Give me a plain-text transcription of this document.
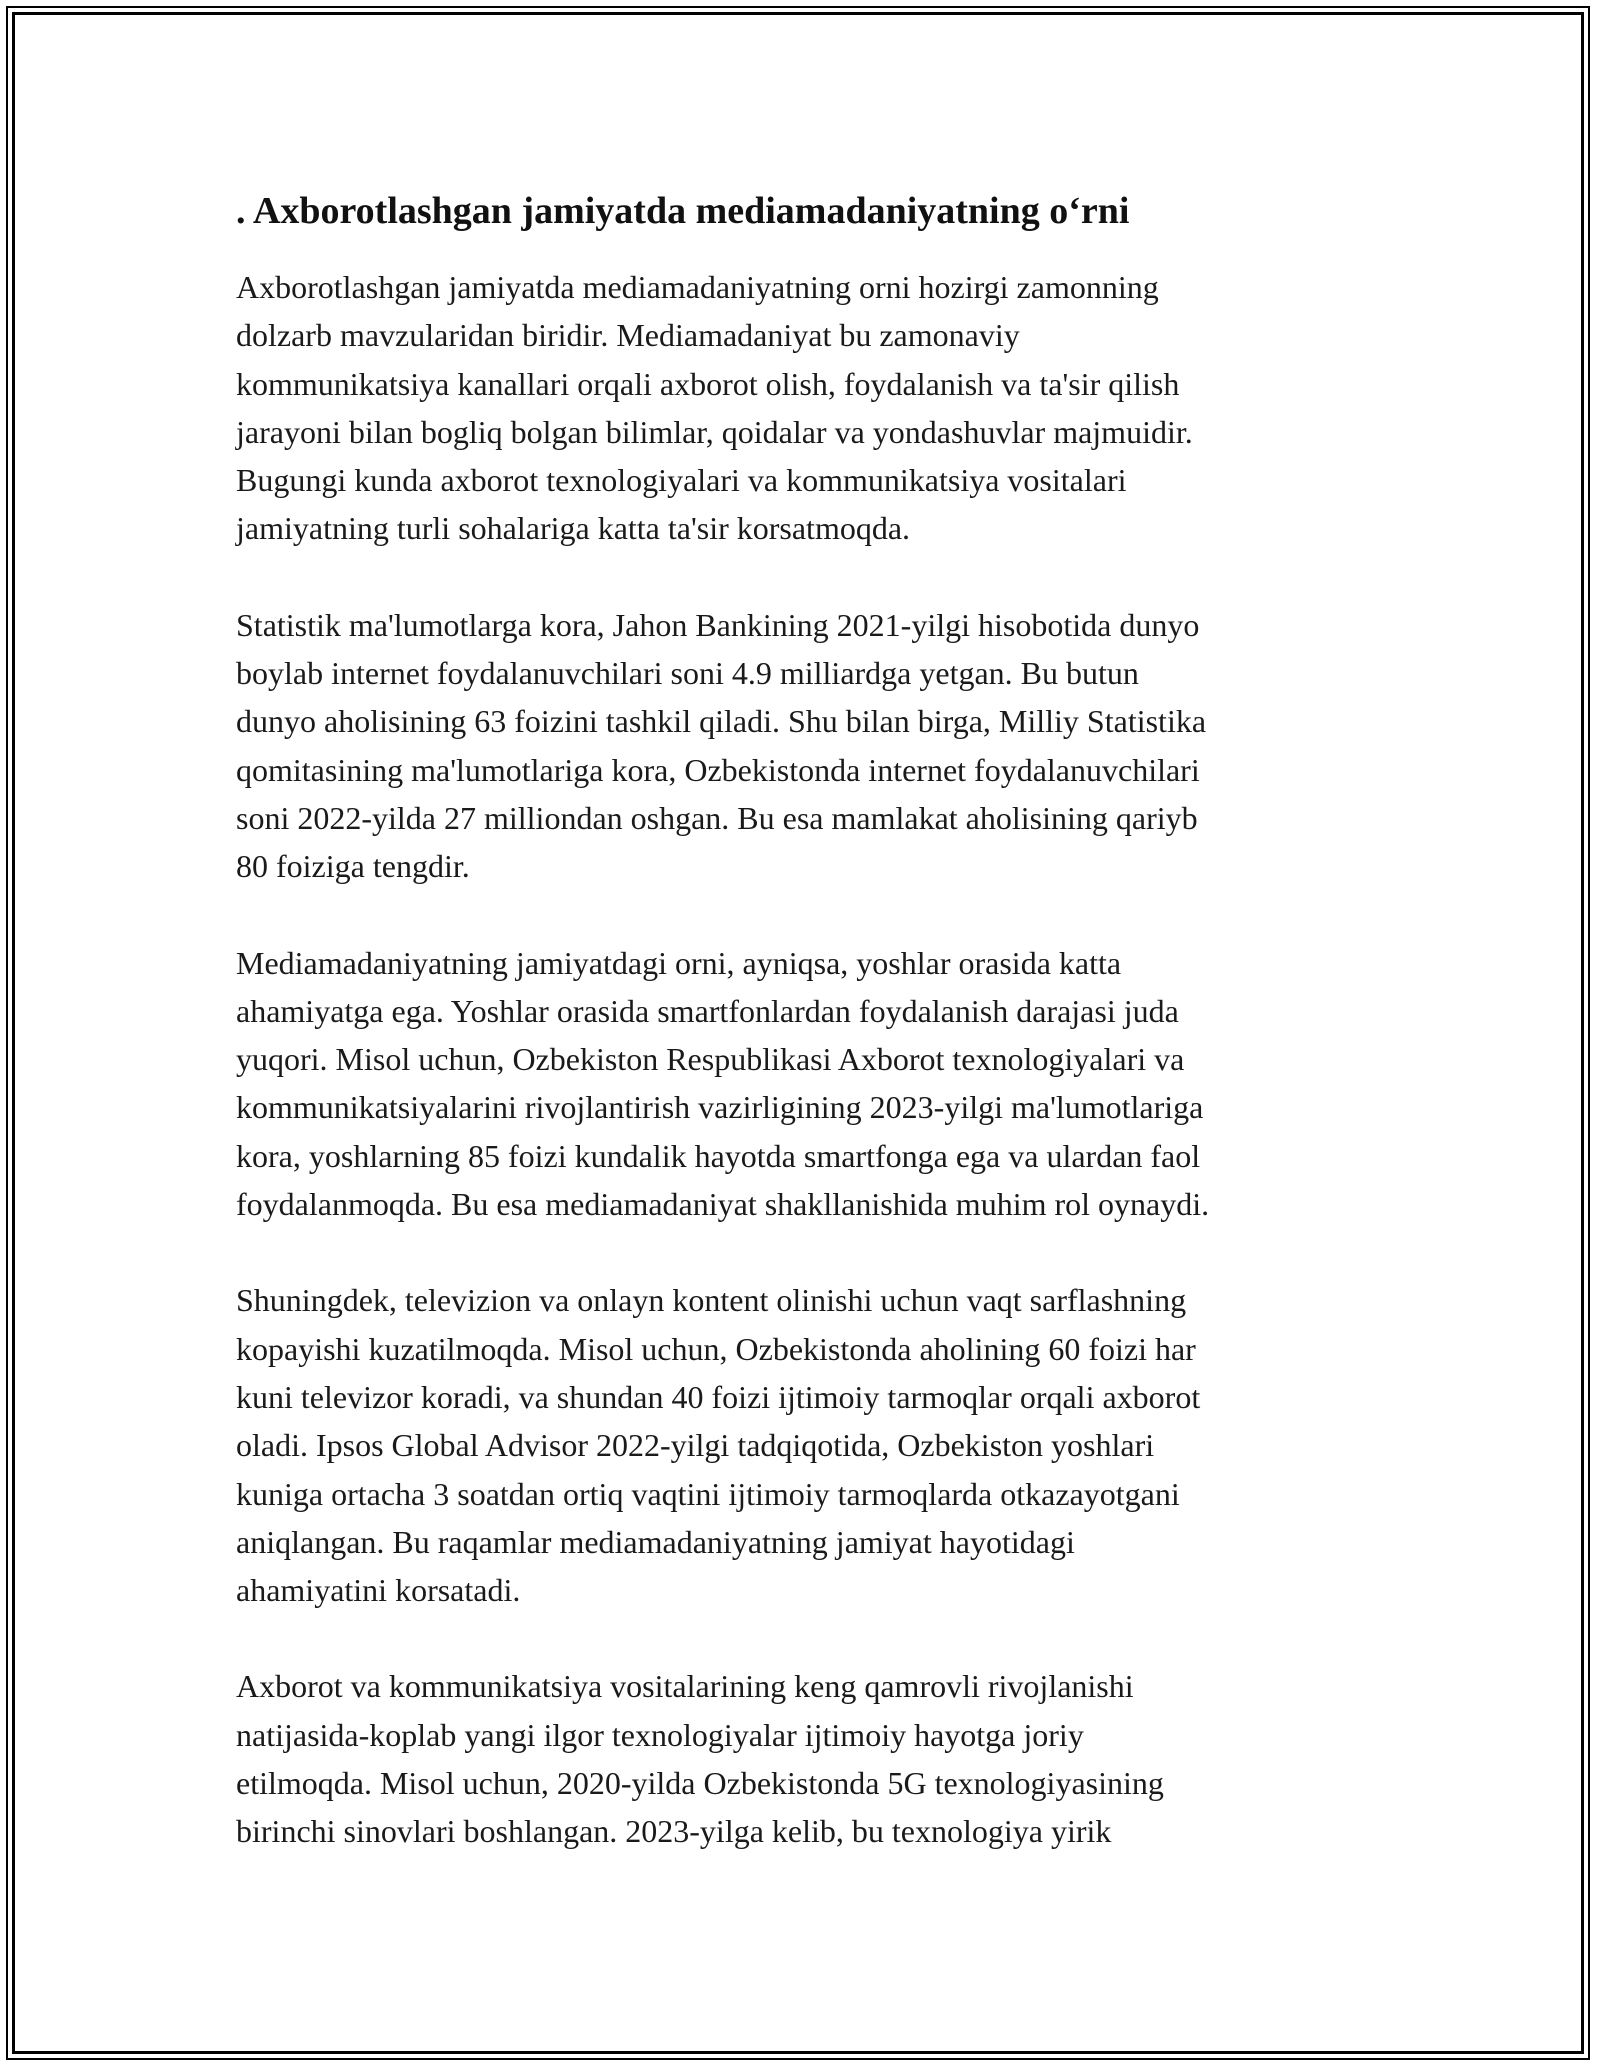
. Axborotlashgan jamiyatda mediamadaniyatning o‘rni

Axborotlashgan jamiyatda mediamadaniyatning orni hozirgi zamonning
dolzarb mavzularidan biridir. Mediamadaniyat bu zamonaviy
kommunikatsiya kanallari orqali axborot olish, foydalanish va ta'sir qilish
jarayoni bilan bogliq bolgan bilimlar, qoidalar va yondashuvlar majmuidir.
Bugungi kunda axborot texnologiyalari va kommunikatsiya vositalari
jamiyatning turli sohalariga katta ta'sir korsatmoqda.

Statistik ma'lumotlarga kora, Jahon Bankining 2021-yilgi hisobotida dunyo
boylab internet foydalanuvchilari soni 4.9 milliardga yetgan. Bu butun
dunyo aholisining 63 foizini tashkil qiladi. Shu bilan birga, Milliy Statistika
qomitasining ma'lumotlariga kora, Ozbekistonda internet foydalanuvchilari
soni 2022-yilda 27 milliondan oshgan. Bu esa mamlakat aholisining qariyb
80 foiziga tengdir.

Mediamadaniyatning jamiyatdagi orni, ayniqsa, yoshlar orasida katta
ahamiyatga ega. Yoshlar orasida smartfonlardan foydalanish darajasi juda
yuqori. Misol uchun, Ozbekiston Respublikasi Axborot texnologiyalari va
kommunikatsiyalarini rivojlantirish vazirligining 2023-yilgi ma'lumotlariga
kora, yoshlarning 85 foizi kundalik hayotda smartfonga ega va ulardan faol
foydalanmoqda. Bu esa mediamadaniyat shakllanishida muhim rol oynaydi.

Shuningdek, televizion va onlayn kontent olinishi uchun vaqt sarflashning
kopayishi kuzatilmoqda. Misol uchun, Ozbekistonda aholining 60 foizi har
kuni televizor koradi, va shundan 40 foizi ijtimoiy tarmoqlar orqali axborot
oladi. Ipsos Global Advisor 2022-yilgi tadqiqotida, Ozbekiston yoshlari
kuniga ortacha 3 soatdan ortiq vaqtini ijtimoiy tarmoqlarda otkazayotgani
aniqlangan. Bu raqamlar mediamadaniyatning jamiyat hayotidagi
ahamiyatini korsatadi.

Axborot va kommunikatsiya vositalarining keng qamrovli rivojlanishi
natijasida-koplab yangi ilgor texnologiyalar ijtimoiy hayotga joriy
etilmoqda. Misol uchun, 2020-yilda Ozbekistonda 5G texnologiyasining
birinchi sinovlari boshlangan. 2023-yilga kelib, bu texnologiya yirik
